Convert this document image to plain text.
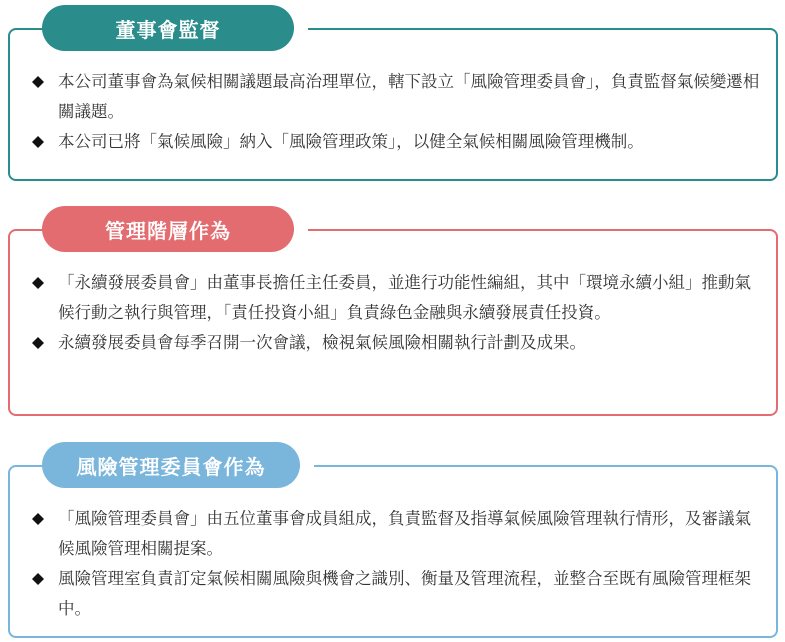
董事會監督
本公司董事會為氣候相關議題最高治理單位，轄下設立「風險管理委員會」，負責監督氣候變遷相關議題。
本公司已將「氣候風險」納入「風險管理政策」，以健全氣候相關風險管理機制。
管理階層作為
「永續發展委員會」由董事長擔任主任委員，並進行功能性編組，其中「環境永續小組」推動氣候行動之執行與管理，「責任投資小組」負責綠色金融與永續發展責任投資。
永續發展委員會每季召開一次會議，檢視氣候風險相關執行計劃及成果。
風險管理委員會作為
「風險管理委員會」由五位董事會成員組成，負責監督及指導氣候風險管理執行情形，及審議氣候風險管理相關提案。
風險管理室負責訂定氣候相關風險與機會之識別、衡量及管理流程，並整合至既有風險管理框架中。
